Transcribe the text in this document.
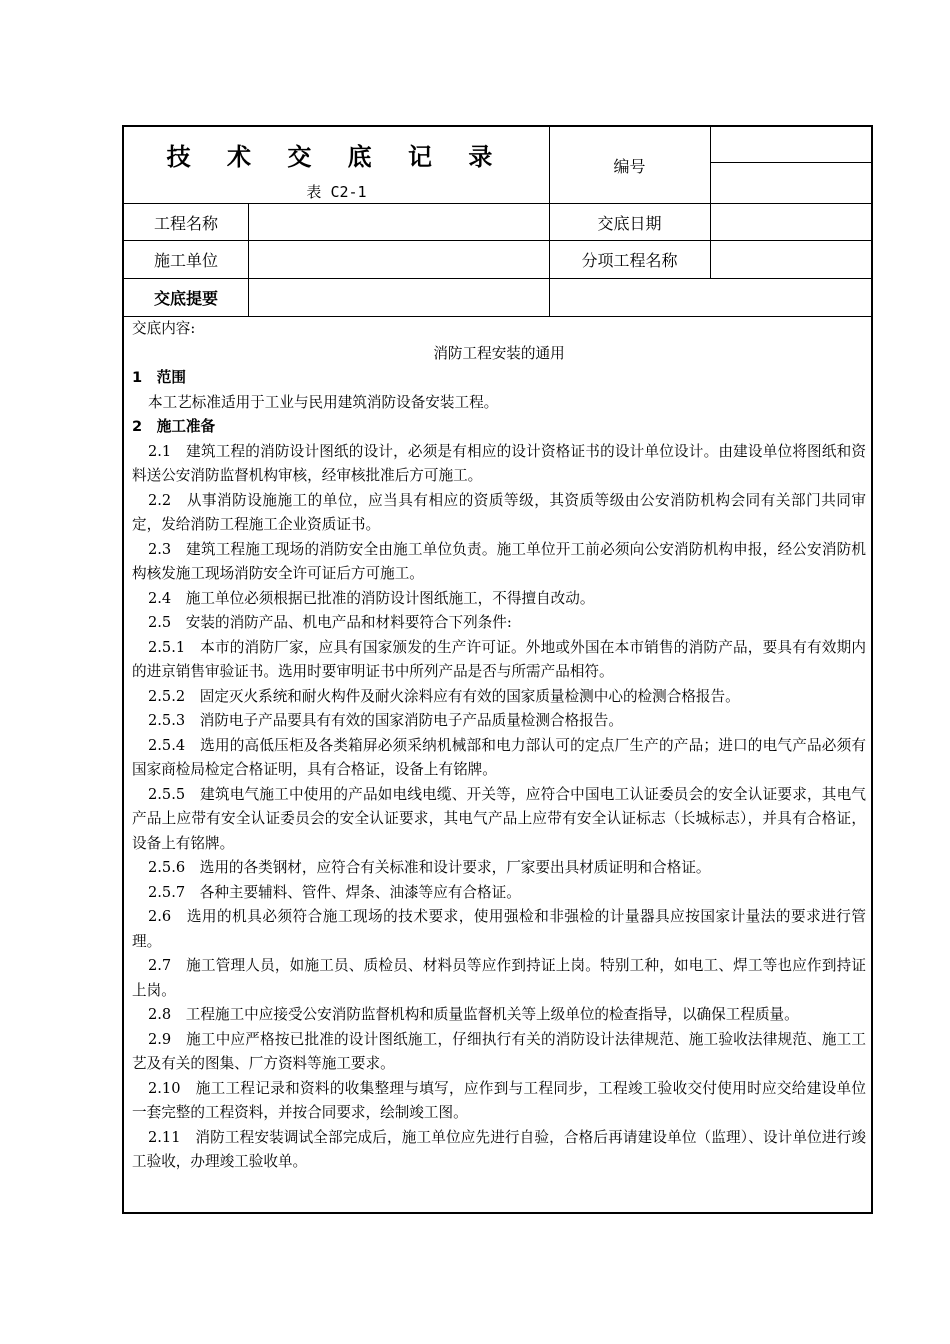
技 术 交 底 记 录
表 C2-1
编号
工程名称	交底日期
施工单位	分项工程名称
交底提要

交底内容:

消防工程安装的通用

1　范围

本工艺标准适用于工业与民用建筑消防设备安装工程。

2　施工准备

2.1　建筑工程的消防设计图纸的设计，必须是有相应的设计资格证书的设计单位设计。由建设单位将图纸和资料送公安消防监督机构审核，经审核批准后方可施工。

2.2　从事消防设施施工的单位，应当具有相应的资质等级，其资质等级由公安消防机构会同有关部门共同审定，发给消防工程施工企业资质证书。

2.3　建筑工程施工现场的消防安全由施工单位负责。施工单位开工前必须向公安消防机构申报，经公安消防机构核发施工现场消防安全许可证后方可施工。

2.4　施工单位必须根据已批准的消防设计图纸施工，不得擅自改动。

2.5　安装的消防产品、机电产品和材料要符合下列条件:

2.5.1　本市的消防厂家，应具有国家颁发的生产许可证。外地或外国在本市销售的消防产品，要具有有效期内的进京销售审验证书。选用时要审明证书中所列产品是否与所需产品相符。

2.5.2　固定灭火系统和耐火构件及耐火涂料应有有效的国家质量检测中心的检测合格报告。

2.5.3　消防电子产品要具有有效的国家消防电子产品质量检测合格报告。

2.5.4　选用的高低压柜及各类箱屏必须采纳机械部和电力部认可的定点厂生产的产品；进口的电气产品必须有国家商检局检定合格证明，具有合格证，设备上有铭牌。

2.5.5　建筑电气施工中使用的产品如电线电缆、开关等，应符合中国电工认证委员会的安全认证要求，其电气产品上应带有安全认证委员会的安全认证要求，其电气产品上应带有安全认证标志（长城标志），并具有合格证，设备上有铭牌。

2.5.6　选用的各类钢材，应符合有关标准和设计要求，厂家要出具材质证明和合格证。

2.5.7　各种主要辅料、管件、焊条、油漆等应有合格证。

2.6　选用的机具必须符合施工现场的技术要求，使用强检和非强检的计量器具应按国家计量法的要求进行管理。

2.7　施工管理人员，如施工员、质检员、材料员等应作到持证上岗。特别工种，如电工、焊工等也应作到持证上岗。

2.8　工程施工中应接受公安消防监督机构和质量监督机关等上级单位的检查指导，以确保工程质量。

2.9　施工中应严格按已批准的设计图纸施工，仔细执行有关的消防设计法律规范、施工验收法律规范、施工工艺及有关的图集、厂方资料等施工要求。

2.10　施工工程记录和资料的收集整理与填写，应作到与工程同步，工程竣工验收交付使用时应交给建设单位一套完整的工程资料，并按合同要求，绘制竣工图。

2.11　消防工程安装调试全部完成后，施工单位应先进行自验，合格后再请建设单位（监理）、设计单位进行竣工验收，办理竣工验收单。
